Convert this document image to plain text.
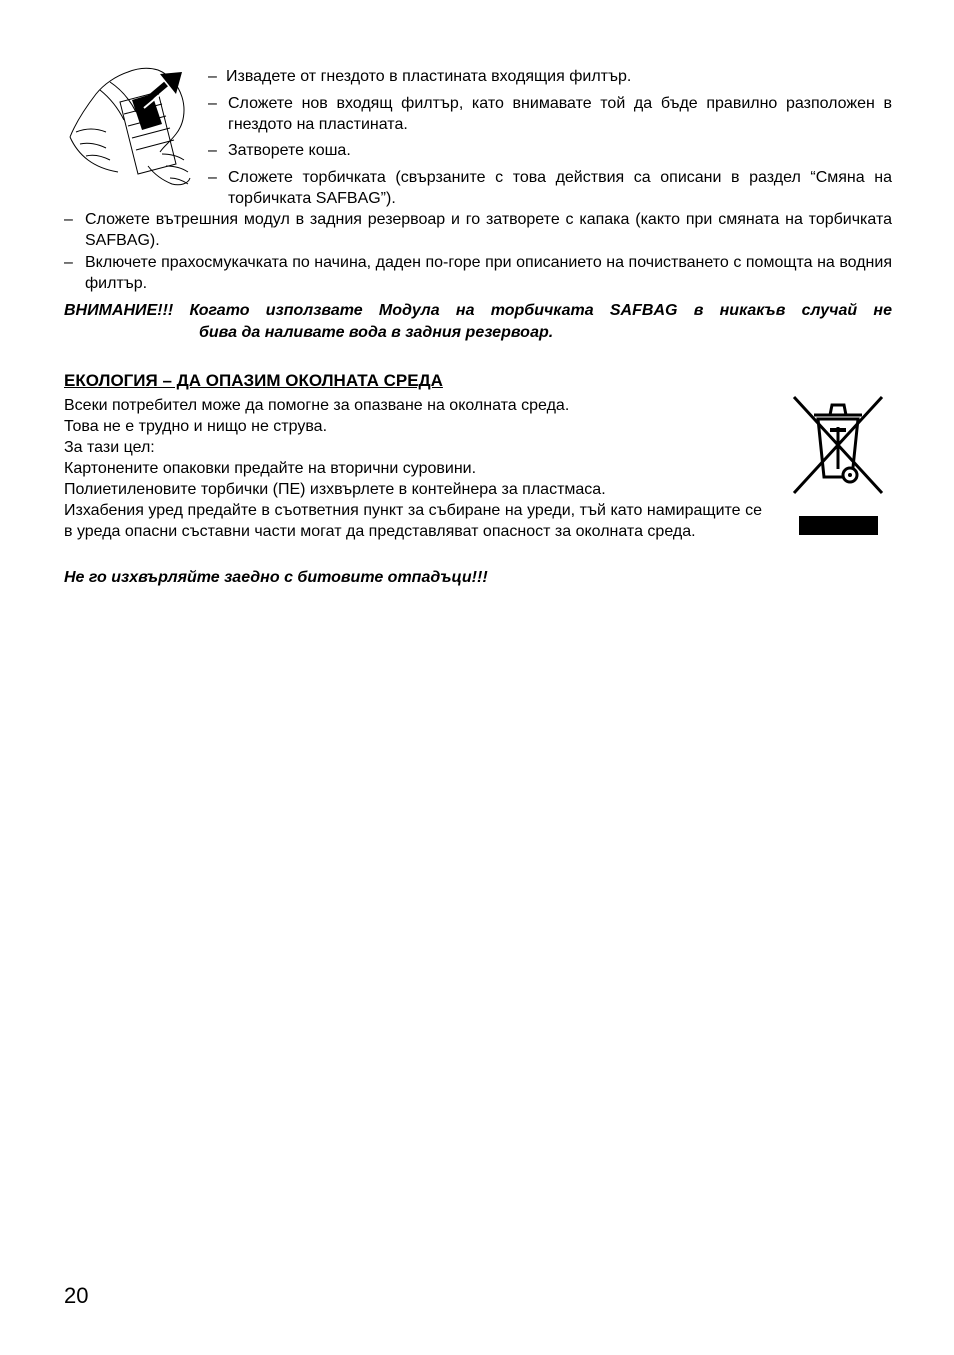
– Извадете от гнездото в пластината входящия филтър.

– Сложете нов входящ филтър, като внимавате той да бъде правилно разположен в гнездото на пластината.

– Затворете коша.

– Сложете торбичката (свързаните с това действия са описани в раздел “Смяна на торбичката SAFBAG”).

– Сложете вътрешния модул в задния резервоар и го затворете с капака (както при смяната на торбичката SAFBAG).

– Включете прахосмукачката по начина, даден по-горе при описанието на почистването с помощта на водния филтър.

ВНИМАНИЕ!!! Когато използвате Модула на торбичката SAFBAG в никакъв случай не

бива да наливате вода в задния резервоар.

ЕКОЛОГИЯ – ДА ОПАЗИМ ОКОЛНАТА СРЕДА

Всеки потребител може да помогне за опазване на околната среда.

Това не е трудно и нищо не струва.

За тази цел:

Картонените опаковки предайте на вторични суровини.

Полиетиленовите торбички (ПЕ) изхвърлете в контейнера за пластмаса.

Изхабения уред предайте в съответния пункт за събиране на уреди, тъй като намиращите се в уреда опасни съставни части могат да представляват опасност за околната среда.

Не го изхвърляйте заедно с битовите отпадъци!!!
20
